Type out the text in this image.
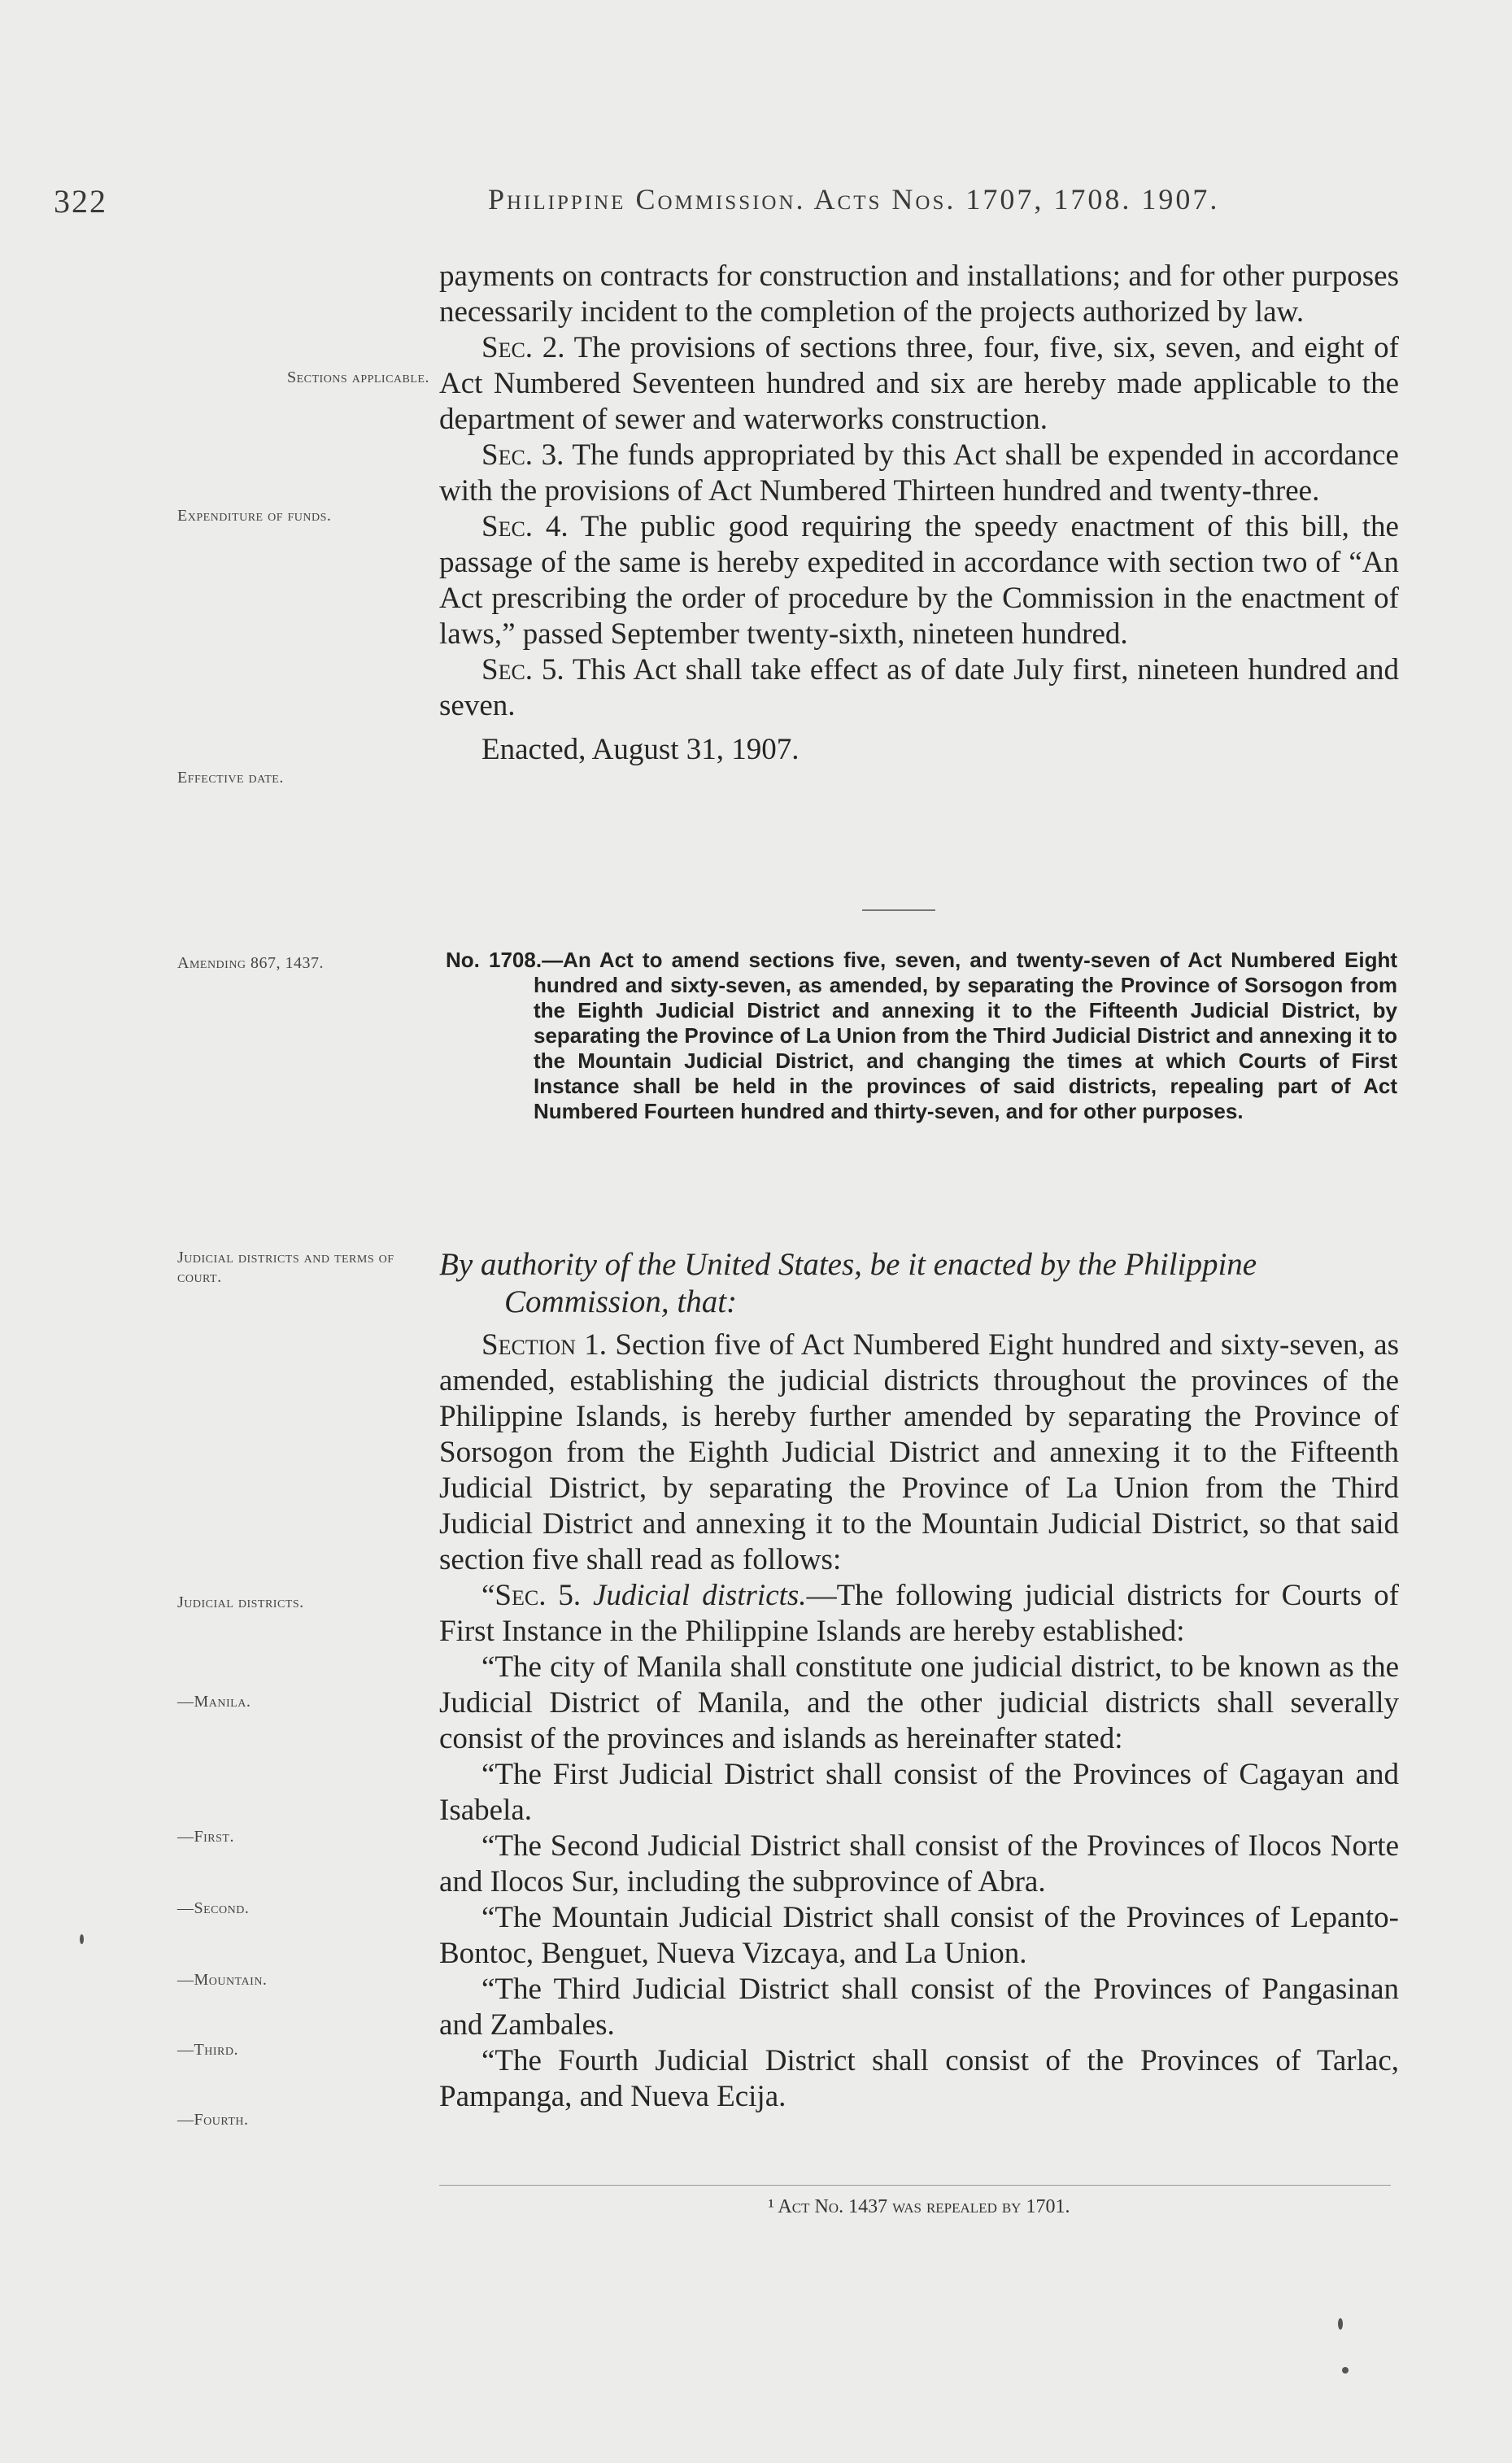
322	Philippine Commission. Acts Nos. 1707, 1708. 1907.

payments on contracts for construction and installations; and for other purposes necessarily incident to the completion of the projects authorized by law.

Sec. 2. The provisions of sections three, four, five, six, seven, and eight of Act Numbered Seventeen hundred and six are hereby made applicable to the department of sewer and waterworks construction.

Sec. 3. The funds appropriated by this Act shall be expended in accordance with the provisions of Act Numbered Thirteen hundred and twenty-three.

Sec. 4. The public good requiring the speedy enactment of this bill, the passage of the same is hereby expedited in accordance with section two of “An Act prescribing the order of procedure by the Commission in the enactment of laws,” passed September twenty-sixth, nineteen hundred.

Sec. 5. This Act shall take effect as of date July first, nineteen hundred and seven.

Enacted, August 31, 1907.

Sections applicable.
Expenditure of funds.
Effective date.
Amending 867, 1437.	No. 1708.—An Act to amend sections five, seven, and twenty-seven of Act Numbered Eight hundred and sixty-seven, as amended, by separating the Province of Sorsogon from the Eighth Judicial District and annexing it to the Fifteenth Judicial District, by separating the Province of La Union from the Third Judicial District and annexing it to the Mountain Judicial District, and changing the times at which Courts of First Instance shall be held in the provinces of said districts, repealing part of Act Numbered Fourteen hundred and thirty-seven, and for other purposes.
Judicial districts and terms of court.	By authority of the United States, be it enacted by the Philippine Commission, that:

Section 1. Section five of Act Numbered Eight hundred and sixty-seven, as amended, establishing the judicial districts throughout the provinces of the Philippine Islands, is hereby further amended by separating the Province of Sorsogon from the Eighth Judicial District and annexing it to the Fifteenth Judicial District, by separating the Province of La Union from the Third Judicial District and annexing it to the Mountain Judicial District, so that said section five shall read as follows:

“Sec. 5. Judicial districts.—The following judicial districts for Courts of First Instance in the Philippine Islands are hereby established:

“The city of Manila shall constitute one judicial district, to be known as the Judicial District of Manila, and the other judicial districts shall severally consist of the provinces and islands as hereinafter stated:

“The First Judicial District shall consist of the Provinces of Cagayan and Isabela.

“The Second Judicial District shall consist of the Provinces of Ilocos Norte and Ilocos Sur, including the subprovince of Abra.

“The Mountain Judicial District shall consist of the Provinces of Lepanto-Bontoc, Benguet, Nueva Vizcaya, and La Union.

“The Third Judicial District shall consist of the Provinces of Pangasinan and Zambales.

“The Fourth Judicial District shall consist of the Provinces of Tarlac, Pampanga, and Nueva Ecija.

Judicial districts.
—Manila.
—First.
—Second.
—Mountain.
—Third.
—Fourth.
¹ Act No. 1437 was repealed by 1701.
